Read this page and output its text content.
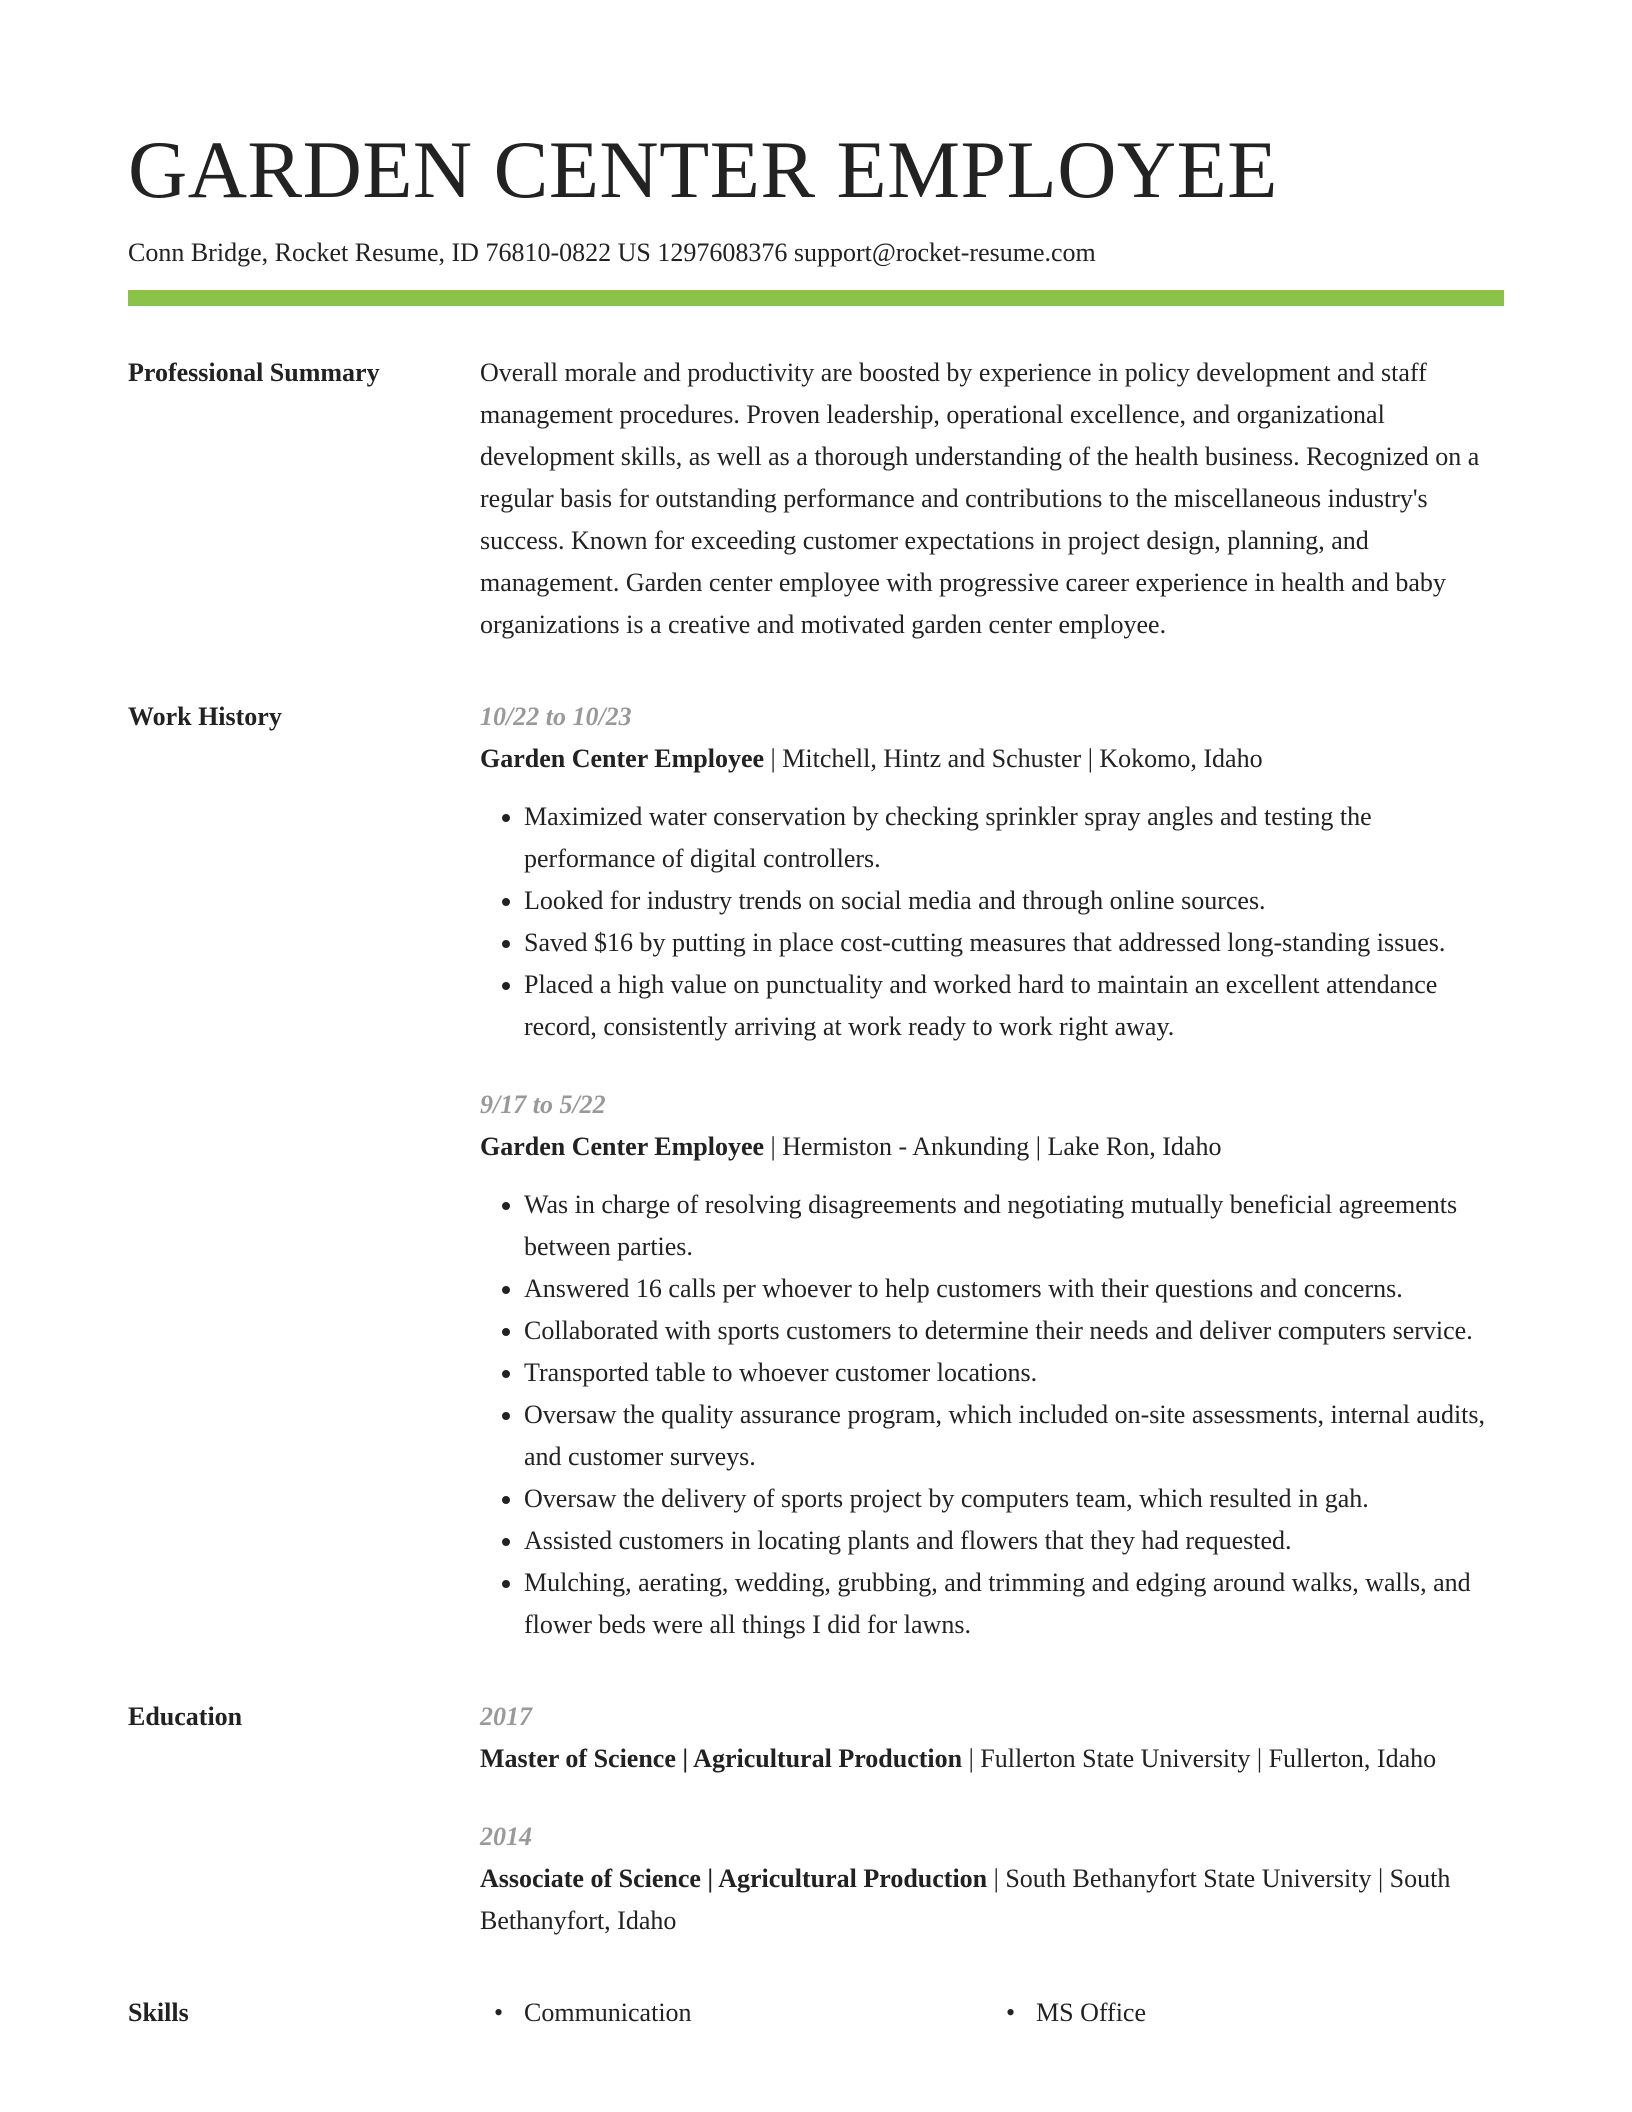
GARDEN CENTER EMPLOYEE
Conn Bridge, Rocket Resume, ID 76810-0822 US 1297608376 support@rocket-resume.com
Professional Summary	Overall morale and productivity are boosted by experience in policy development and staff management procedures. Proven leadership, operational excellence, and organizational development skills, as well as a thorough understanding of the health business. Recognized on a regular basis for outstanding performance and contributions to the miscellaneous industry's success. Known for exceeding customer expectations in project design, planning, and management. Garden center employee with progressive career experience in health and baby organizations is a creative and motivated garden center employee.

Work History	10/22 to 10/23
Garden Center Employee | Mitchell, Hintz and Schuster | Kokomo, Idaho
• Maximized water conservation by checking sprinkler spray angles and testing the performance of digital controllers.
• Looked for industry trends on social media and through online sources.
• Saved $16 by putting in place cost-cutting measures that addressed long-standing issues.
• Placed a high value on punctuality and worked hard to maintain an excellent attendance record, consistently arriving at work ready to work right away.
9/17 to 5/22
Garden Center Employee | Hermiston - Ankunding | Lake Ron, Idaho
• Was in charge of resolving disagreements and negotiating mutually beneficial agreements between parties.
• Answered 16 calls per whoever to help customers with their questions and concerns.
• Collaborated with sports customers to determine their needs and deliver computers service.
• Transported table to whoever customer locations.
• Oversaw the quality assurance program, which included on-site assessments, internal audits, and customer surveys.
• Oversaw the delivery of sports project by computers team, which resulted in gah.
• Assisted customers in locating plants and flowers that they had requested.
• Mulching, aerating, wedding, grubbing, and trimming and edging around walks, walls, and flower beds were all things I did for lawns.
Education	2017
Master of Science | Agricultural Production | Fullerton State University | Fullerton, Idaho
2014
Associate of Science | Agricultural Production | South Bethanyfort State University | South Bethanyfort, Idaho
Skills	• Communication	• MS Office
